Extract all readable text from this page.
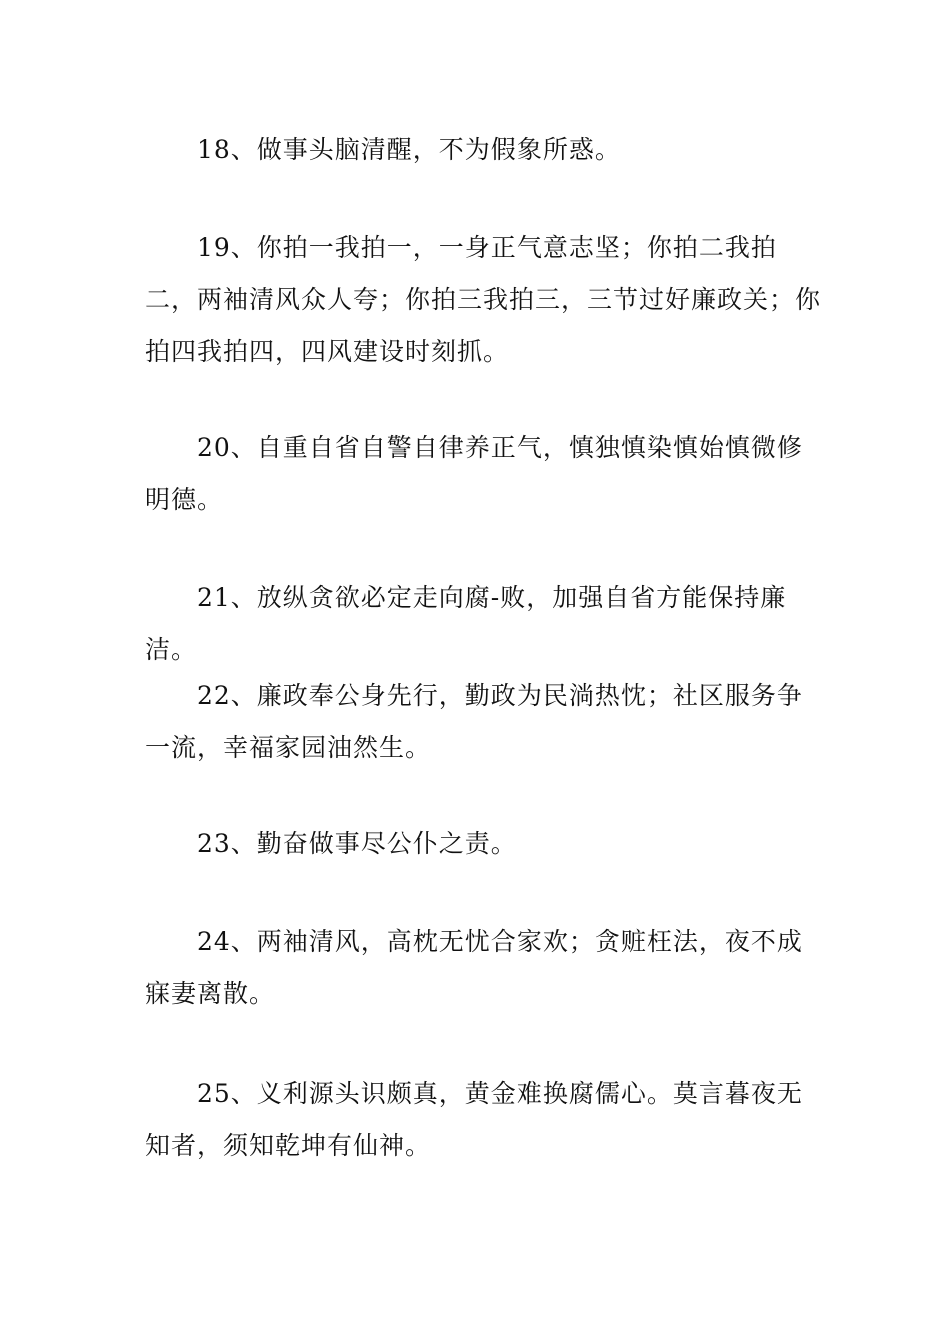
18、做事头脑清醒，不为假象所惑。

19、你拍一我拍一，一身正气意志坚；你拍二我拍二，两袖清风众人夸；你拍三我拍三，三节过好廉政关；你拍四我拍四，四风建设时刻抓。

20、自重自省自警自律养正气，慎独慎染慎始慎微修明德。

21、放纵贪欲必定走向腐-败，加强自省方能保持廉洁。

22、廉政奉公身先行，勤政为民淌热忱；社区服务争一流，幸福家园油然生。

23、勤奋做事尽公仆之责。

24、两袖清风，高枕无忧合家欢；贪赃枉法，夜不成寐妻离散。

25、义利源头识颇真，黄金难换腐儒心。莫言暮夜无知者，须知乾坤有仙神。
